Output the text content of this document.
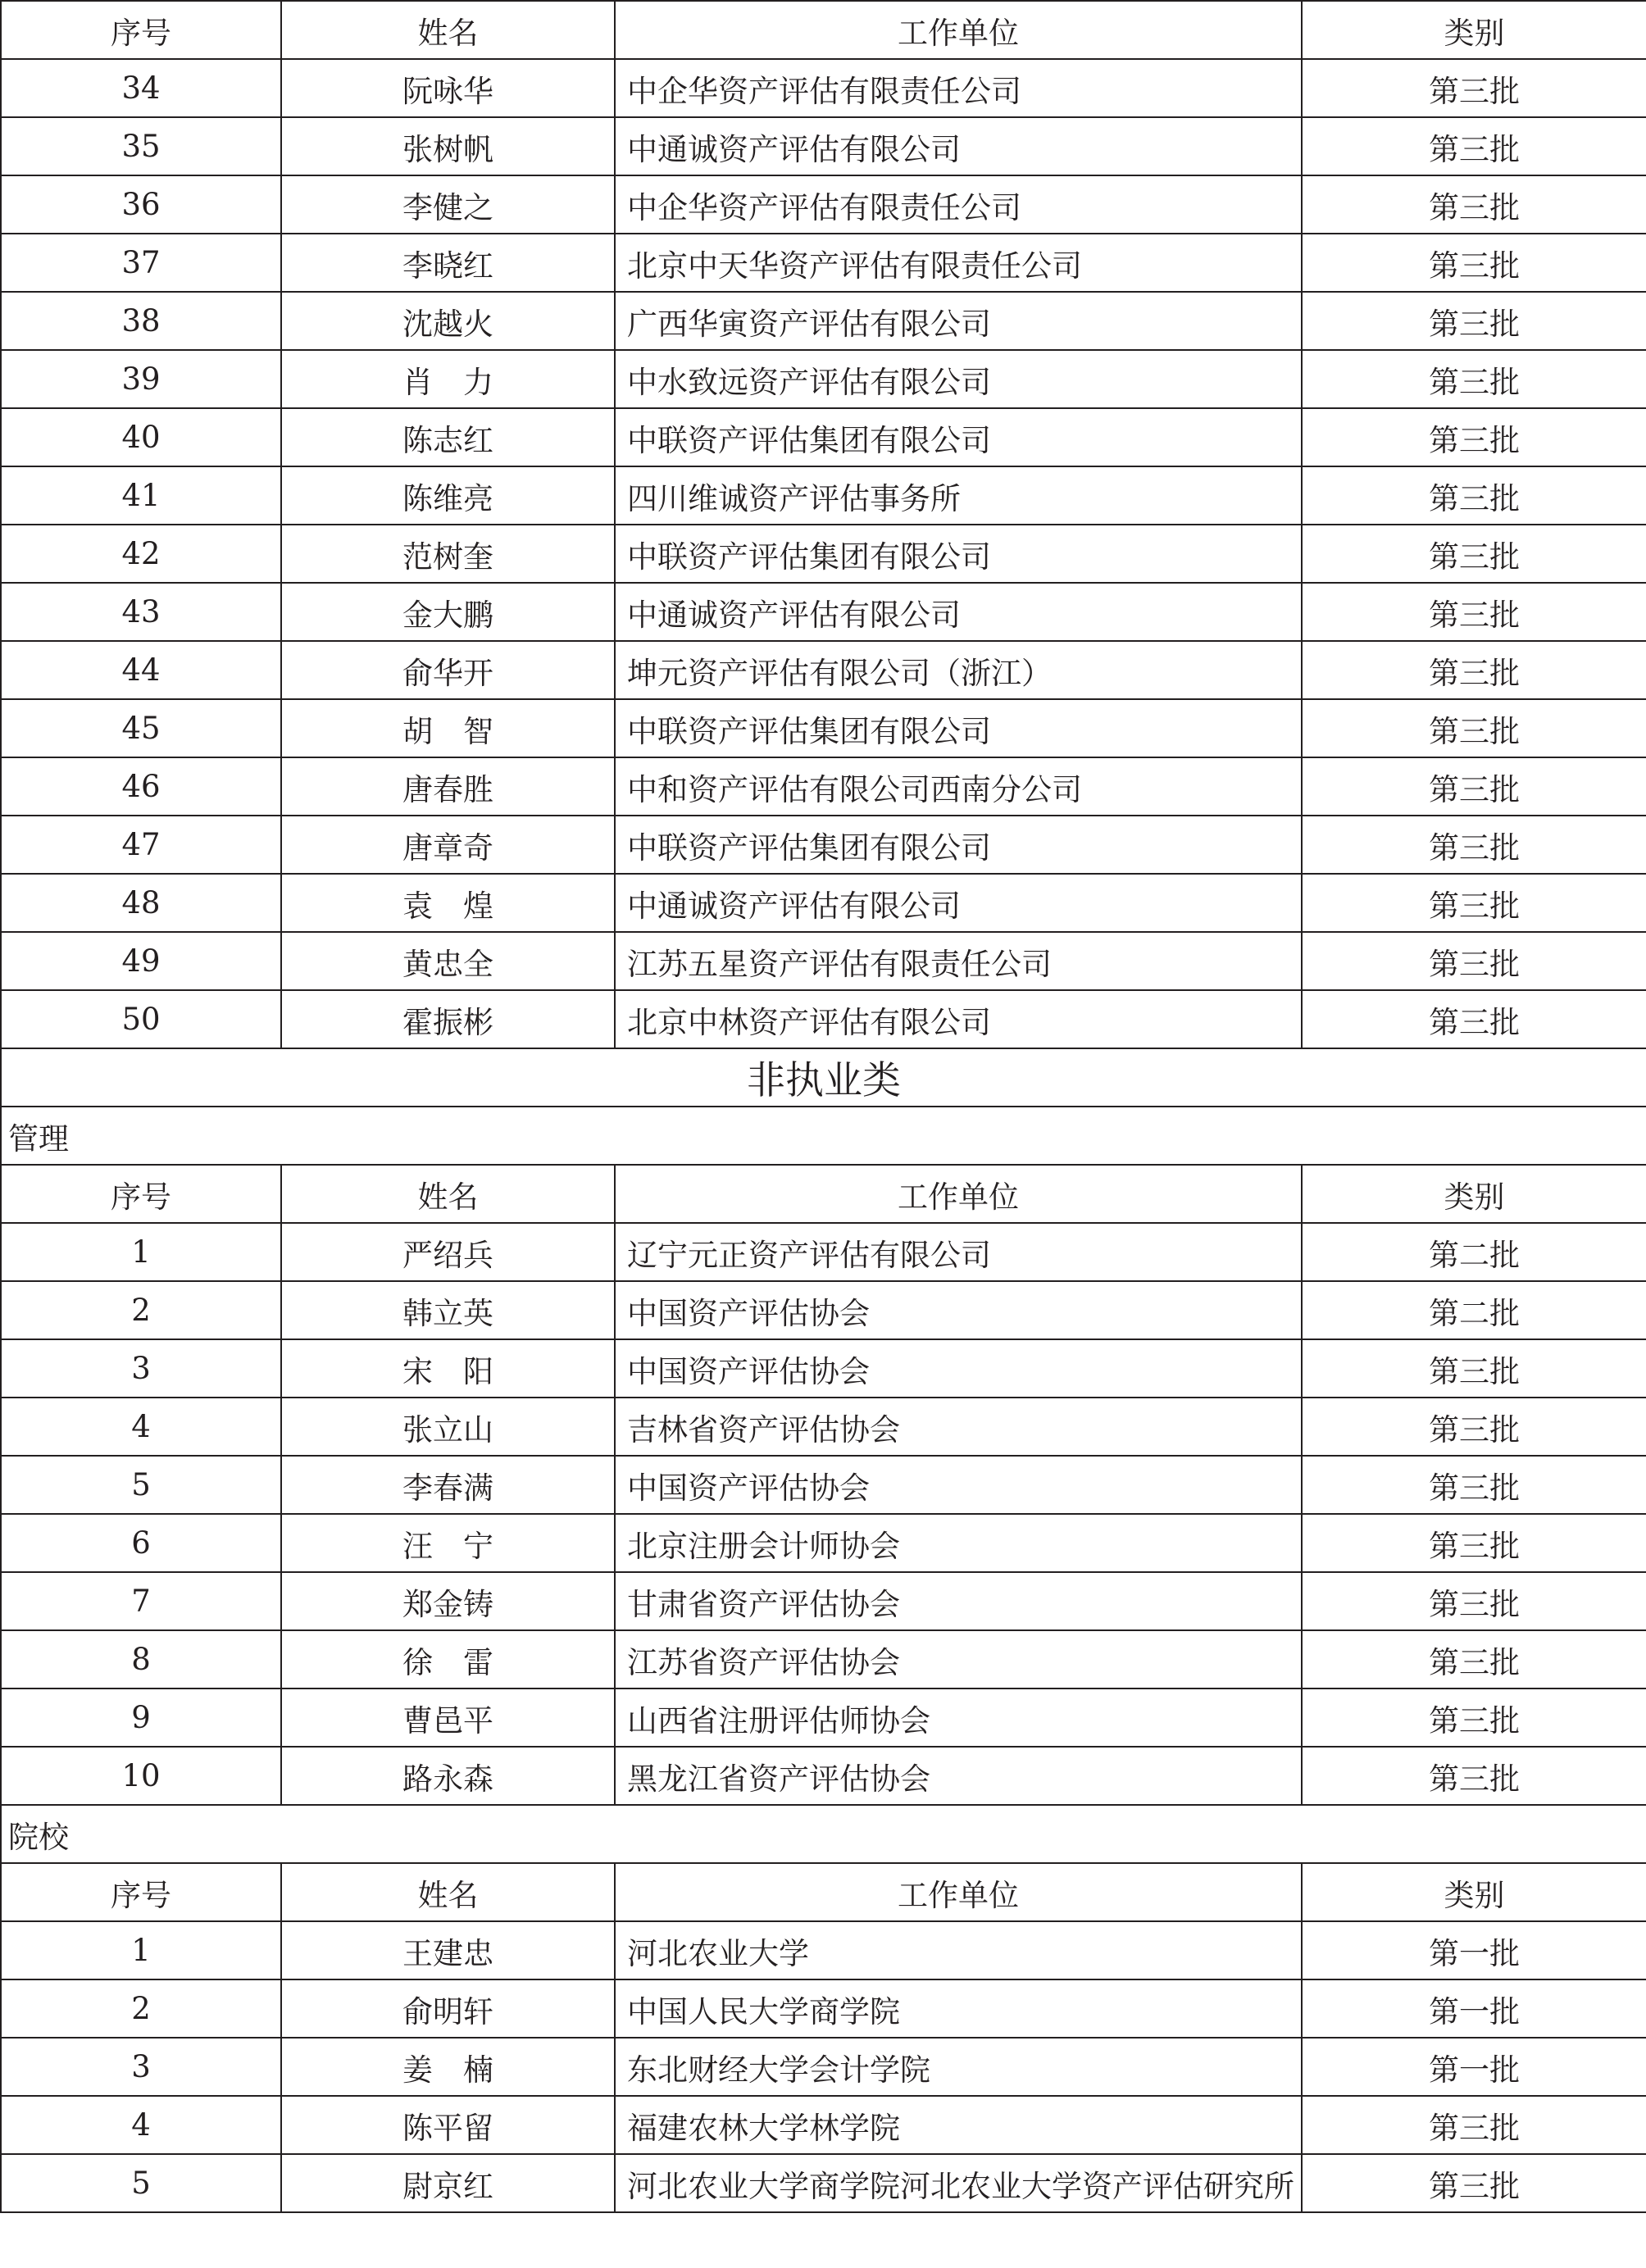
序号	姓名	工作单位	类别
34	阮咏华	中企华资产评估有限责任公司	第三批
35	张树帆	中通诚资产评估有限公司	第三批
36	李健之	中企华资产评估有限责任公司	第三批
37	李晓红	北京中天华资产评估有限责任公司	第三批
38	沈越火	广西华寅资产评估有限公司	第三批
39	肖　力	中水致远资产评估有限公司	第三批
40	陈志红	中联资产评估集团有限公司	第三批
41	陈维亮	四川维诚资产评估事务所	第三批
42	范树奎	中联资产评估集团有限公司	第三批
43	金大鹏	中通诚资产评估有限公司	第三批
44	俞华开	坤元资产评估有限公司（浙江）	第三批
45	胡　智	中联资产评估集团有限公司	第三批
46	唐春胜	中和资产评估有限公司西南分公司	第三批
47	唐章奇	中联资产评估集团有限公司	第三批
48	袁　煌	中通诚资产评估有限公司	第三批
49	黄忠全	江苏五星资产评估有限责任公司	第三批
50	霍振彬	北京中林资产评估有限公司	第三批
非执业类			
管理			
序号	姓名	工作单位	类别
1	严绍兵	辽宁元正资产评估有限公司	第二批
2	韩立英	中国资产评估协会	第二批
3	宋　阳	中国资产评估协会	第三批
4	张立山	吉林省资产评估协会	第三批
5	李春满	中国资产评估协会	第三批
6	汪　宁	北京注册会计师协会	第三批
7	郑金铸	甘肃省资产评估协会	第三批
8	徐　雷	江苏省资产评估协会	第三批
9	曹邑平	山西省注册评估师协会	第三批
10	路永森	黑龙江省资产评估协会	第三批
院校			
序号	姓名	工作单位	类别
1	王建忠	河北农业大学	第一批
2	俞明轩	中国人民大学商学院	第一批
3	姜　楠	东北财经大学会计学院	第一批
4	陈平留	福建农林大学林学院	第三批
5	尉京红	河北农业大学商学院河北农业大学资产评估研究所	第三批
